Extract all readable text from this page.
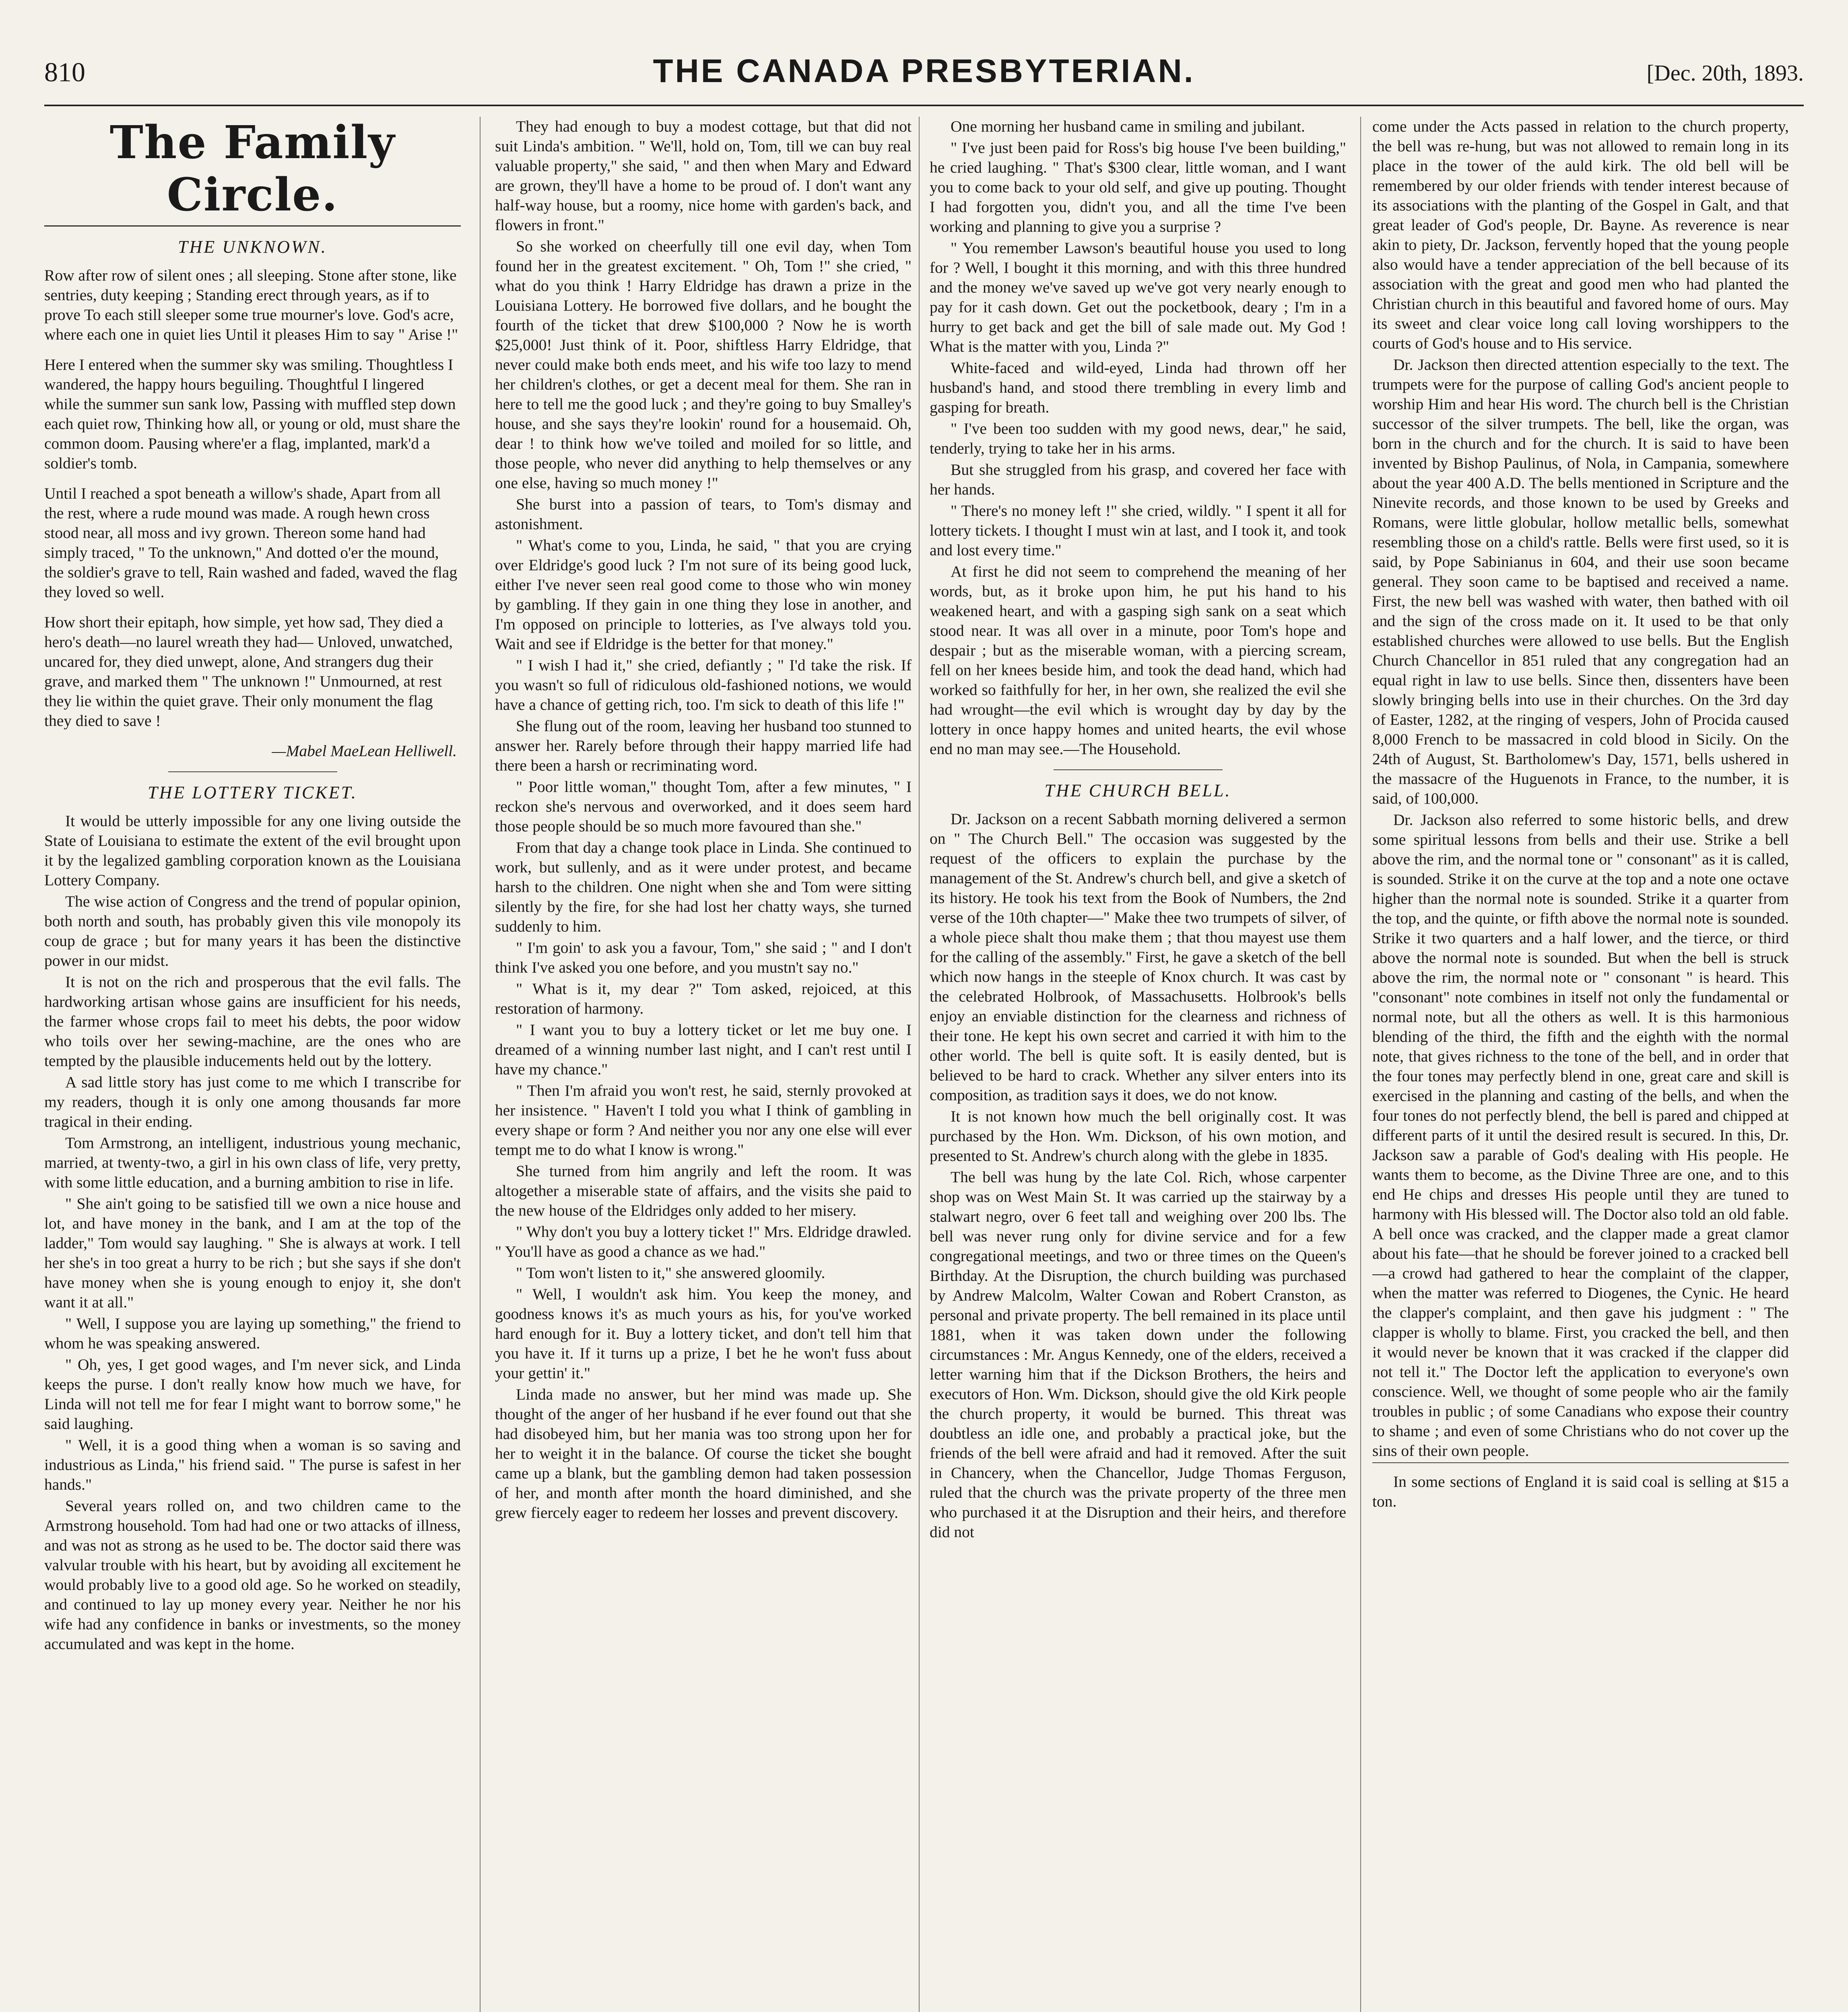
810	THE CANADA PRESBYTERIAN.	[Dec. 20th, 1893.
The Family Circle.
THE UNKNOWN.

Row after row of silent ones ; all sleeping. Stone after stone, like sentries, duty keeping ; Standing erect through years, as if to prove To each still sleeper some true mourner's love. God's acre, where each one in quiet lies Until it pleases Him to say " Arise !"

Here I entered when the summer sky was smiling. Thoughtless I wandered, the happy hours beguiling. Thoughtful I lingered while the summer sun sank low, Passing with muffled step down each quiet row, Thinking how all, or young or old, must share the common doom. Pausing where'er a flag, implanted, mark'd a soldier's tomb.

Until I reached a spot beneath a willow's shade, Apart from all the rest, where a rude mound was made. A rough hewn cross stood near, all moss and ivy grown. Thereon some hand had simply traced, " To the unknown," And dotted o'er the mound, the soldier's grave to tell, Rain washed and faded, waved the flag they loved so well.

How short their epitaph, how simple, yet how sad, They died a hero's death—no laurel wreath they had— Unloved, unwatched, uncared for, they died unwept, alone, And strangers dug their grave, and marked them " The unknown !" Unmourned, at rest they lie within the quiet grave. Their only monument the flag they died to save !

—Mabel MaeLean Helliwell.
THE LOTTERY TICKET.

It would be utterly impossible for any one living outside the State of Louisiana to estimate the extent of the evil brought upon it by the legalized gambling corporation known as the Louisiana Lottery Company.

The wise action of Congress and the trend of popular opinion, both north and south, has probably given this vile monopoly its coup de grace ; but for many years it has been the distinctive power in our midst.

It is not on the rich and prosperous that the evil falls. The hardworking artisan whose gains are insufficient for his needs, the farmer whose crops fail to meet his debts, the poor widow who toils over her sewing-machine, are the ones who are tempted by the plausible inducements held out by the lottery.

A sad little story has just come to me which I transcribe for my readers, though it is only one among thousands far more tragical in their ending.

Tom Armstrong, an intelligent, industrious young mechanic, married, at twenty-two, a girl in his own class of life, very pretty, with some little education, and a burning ambition to rise in life.

" She ain't going to be satisfied till we own a nice house and lot, and have money in the bank, and I am at the top of the ladder," Tom would say laughing. " She is always at work. I tell her she's in too great a hurry to be rich ; but she says if she don't have money when she is young enough to enjoy it, she don't want it at all."

" Well, I suppose you are laying up something," the friend to whom he was speaking answered.

" Oh, yes, I get good wages, and I'm never sick, and Linda keeps the purse. I don't really know how much we have, for Linda will not tell me for fear I might want to borrow some," he said laughing.

" Well, it is a good thing when a woman is so saving and industrious as Linda," his friend said. " The purse is safest in her hands."

Several years rolled on, and two children came to the Armstrong household. Tom had had one or two attacks of illness, and was not as strong as he used to be. The doctor said there was valvular trouble with his heart, but by avoiding all excitement he would probably live to a good old age. So he worked on steadily, and continued to lay up money every year. Neither he nor his wife had any confidence in banks or investments, so the money accumulated and was kept in the home.

They had enough to buy a modest cottage, but that did not suit Linda's ambition. " We'll, hold on, Tom, till we can buy real valuable property," she said, " and then when Mary and Edward are grown, they'll have a home to be proud of. I don't want any half-way house, but a roomy, nice home with garden's back, and flowers in front."

So she worked on cheerfully till one evil day, when Tom found her in the greatest excitement. " Oh, Tom !" she cried, " what do you think ! Harry Eldridge has drawn a prize in the Louisiana Lottery. He borrowed five dollars, and he bought the fourth of the ticket that drew $100,000 ? Now he is worth $25,000! Just think of it. Poor, shiftless Harry Eldridge, that never could make both ends meet, and his wife too lazy to mend her children's clothes, or get a decent meal for them. She ran in here to tell me the good luck ; and they're going to buy Smalley's house, and she says they're lookin' round for a housemaid. Oh, dear ! to think how we've toiled and moiled for so little, and those people, who never did anything to help themselves or any one else, having so much money !"

She burst into a passion of tears, to Tom's dismay and astonishment.

" What's come to you, Linda, he said, " that you are crying over Eldridge's good luck ? I'm not sure of its being good luck, either I've never seen real good come to those who win money by gambling. If they gain in one thing they lose in another, and I'm opposed on principle to lotteries, as I've always told you. Wait and see if Eldridge is the better for that money."

" I wish I had it," she cried, defiantly ; " I'd take the risk. If you wasn't so full of ridiculous old-fashioned notions, we would have a chance of getting rich, too. I'm sick to death of this life !"

She flung out of the room, leaving her husband too stunned to answer her. Rarely before through their happy married life had there been a harsh or recriminating word.

" Poor little woman," thought Tom, after a few minutes, " I reckon she's nervous and overworked, and it does seem hard those people should be so much more favoured than she."

From that day a change took place in Linda. She continued to work, but sullenly, and as it were under protest, and became harsh to the children. One night when she and Tom were sitting silently by the fire, for she had lost her chatty ways, she turned suddenly to him.

" I'm goin' to ask you a favour, Tom," she said ; " and I don't think I've asked you one before, and you mustn't say no."

" What is it, my dear ?" Tom asked, rejoiced, at this restoration of harmony.

" I want you to buy a lottery ticket or let me buy one. I dreamed of a winning number last night, and I can't rest until I have my chance."

" Then I'm afraid you won't rest, he said, sternly provoked at her insistence. " Haven't I told you what I think of gambling in every shape or form ? And neither you nor any one else will ever tempt me to do what I know is wrong."

She turned from him angrily and left the room. It was altogether a miserable state of affairs, and the visits she paid to the new house of the Eldridges only added to her misery.

" Why don't you buy a lottery ticket !" Mrs. Eldridge drawled. " You'll have as good a chance as we had."

" Tom won't listen to it," she answered gloomily.

" Well, I wouldn't ask him. You keep the money, and goodness knows it's as much yours as his, for you've worked hard enough for it. Buy a lottery ticket, and don't tell him that you have it. If it turns up a prize, I bet he he won't fuss about your gettin' it."

Linda made no answer, but her mind was made up. She thought of the anger of her husband if he ever found out that she had disobeyed him, but her mania was too strong upon her for her to weight it in the balance. Of course the ticket she bought came up a blank, but the gambling demon had taken possession of her, and month after month the hoard diminished, and she grew fiercely eager to redeem her losses and prevent discovery.

One morning her husband came in smiling and jubilant.

" I've just been paid for Ross's big house I've been building," he cried laughing. " That's $300 clear, little woman, and I want you to come back to your old self, and give up pouting. Thought I had forgotten you, didn't you, and all the time I've been working and planning to give you a surprise ?

" You remember Lawson's beautiful house you used to long for ? Well, I bought it this morning, and with this three hundred and the money we've saved up we've got very nearly enough to pay for it cash down. Get out the pocketbook, deary ; I'm in a hurry to get back and get the bill of sale made out. My God ! What is the matter with you, Linda ?"

White-faced and wild-eyed, Linda had thrown off her husband's hand, and stood there trembling in every limb and gasping for breath.

" I've been too sudden with my good news, dear," he said, tenderly, trying to take her in his arms.

But she struggled from his grasp, and covered her face with her hands.

" There's no money left !" she cried, wildly. " I spent it all for lottery tickets. I thought I must win at last, and I took it, and took and lost every time."

At first he did not seem to comprehend the meaning of her words, but, as it broke upon him, he put his hand to his weakened heart, and with a gasping sigh sank on a seat which stood near. It was all over in a minute, poor Tom's hope and despair ; but as the miserable woman, with a piercing scream, fell on her knees beside him, and took the dead hand, which had worked so faithfully for her, in her own, she realized the evil she had wrought—the evil which is wrought day by day by the lottery in once happy homes and united hearts, the evil whose end no man may see.—The Household.

THE CHURCH BELL.

Dr. Jackson on a recent Sabbath morning delivered a sermon on " The Church Bell." The occasion was suggested by the request of the officers to explain the purchase by the management of the St. Andrew's church bell, and give a sketch of its history. He took his text from the Book of Numbers, the 2nd verse of the 10th chapter—" Make thee two trumpets of silver, of a whole piece shalt thou make them ; that thou mayest use them for the calling of the assembly." First, he gave a sketch of the bell which now hangs in the steeple of Knox church. It was cast by the celebrated Holbrook, of Massachusetts. Holbrook's bells enjoy an enviable distinction for the clearness and richness of their tone. He kept his own secret and carried it with him to the other world. The bell is quite soft. It is easily dented, but is believed to be hard to crack. Whether any silver enters into its composition, as tradition says it does, we do not know.

It is not known how much the bell originally cost. It was purchased by the Hon. Wm. Dickson, of his own motion, and presented to St. Andrew's church along with the glebe in 1835.

The bell was hung by the late Col. Rich, whose carpenter shop was on West Main St. It was carried up the stairway by a stalwart negro, over 6 feet tall and weighing over 200 lbs. The bell was never rung only for divine service and for a few congregational meetings, and two or three times on the Queen's Birthday. At the Disruption, the church building was purchased by Andrew Malcolm, Walter Cowan and Robert Cranston, as personal and private property. The bell remained in its place until 1881, when it was taken down under the following circumstances : Mr. Angus Kennedy, one of the elders, received a letter warning him that if the Dickson Brothers, the heirs and executors of Hon. Wm. Dickson, should give the old Kirk people the church property, it would be burned. This threat was doubtless an idle one, and probably a practical joke, but the friends of the bell were afraid and had it removed. After the suit in Chancery, when the Chancellor, Judge Thomas Ferguson, ruled that the church was the private property of the three men who purchased it at the Disruption and their heirs, and therefore did not

come under the Acts passed in relation to the church property, the bell was re-hung, but was not allowed to remain long in its place in the tower of the auld kirk. The old bell will be remembered by our older friends with tender interest because of its associations with the planting of the Gospel in Galt, and that great leader of God's people, Dr. Bayne. As reverence is near akin to piety, Dr. Jackson, fervently hoped that the young people also would have a tender appreciation of the bell because of its association with the great and good men who had planted the Christian church in this beautiful and favored home of ours. May its sweet and clear voice long call loving worshippers to the courts of God's house and to His service.

Dr. Jackson then directed attention especially to the text. The trumpets were for the purpose of calling God's ancient people to worship Him and hear His word. The church bell is the Christian successor of the silver trumpets. The bell, like the organ, was born in the church and for the church. It is said to have been invented by Bishop Paulinus, of Nola, in Campania, somewhere about the year 400 A.D. The bells mentioned in Scripture and the Ninevite records, and those known to be used by Greeks and Romans, were little globular, hollow metallic bells, somewhat resembling those on a child's rattle. Bells were first used, so it is said, by Pope Sabinianus in 604, and their use soon became general. They soon came to be baptised and received a name. First, the new bell was washed with water, then bathed with oil and the sign of the cross made on it. It used to be that only established churches were allowed to use bells. But the English Church Chancellor in 851 ruled that any congregation had an equal right in law to use bells. Since then, dissenters have been slowly bringing bells into use in their churches. On the 3rd day of Easter, 1282, at the ringing of vespers, John of Procida caused 8,000 French to be massacred in cold blood in Sicily. On the 24th of August, St. Bartholomew's Day, 1571, bells ushered in the massacre of the Huguenots in France, to the number, it is said, of 100,000.

Dr. Jackson also referred to some historic bells, and drew some spiritual lessons from bells and their use. Strike a bell above the rim, and the normal tone or " consonant" as it is called, is sounded. Strike it on the curve at the top and a note one octave higher than the normal note is sounded. Strike it a quarter from the top, and the quinte, or fifth above the normal note is sounded. Strike it two quarters and a half lower, and the tierce, or third above the normal note is sounded. But when the bell is struck above the rim, the normal note or " consonant " is heard. This "consonant" note combines in itself not only the fundamental or normal note, but all the others as well. It is this harmonious blending of the third, the fifth and the eighth with the normal note, that gives richness to the tone of the bell, and in order that the four tones may perfectly blend in one, great care and skill is exercised in the planning and casting of the bells, and when the four tones do not perfectly blend, the bell is pared and chipped at different parts of it until the desired result is secured. In this, Dr. Jackson saw a parable of God's dealing with His people. He wants them to become, as the Divine Three are one, and to this end He chips and dresses His people until they are tuned to harmony with His blessed will. The Doctor also told an old fable. A bell once was cracked, and the clapper made a great clamor about his fate—that he should be forever joined to a cracked bell—a crowd had gathered to hear the complaint of the clapper, when the matter was referred to Diogenes, the Cynic. He heard the clapper's complaint, and then gave his judgment : " The clapper is wholly to blame. First, you cracked the bell, and then it would never be known that it was cracked if the clapper did not tell it." The Doctor left the application to everyone's own conscience. Well, we thought of some people who air the family troubles in public ; of some Canadians who expose their country to shame ; and even of some Christians who do not cover up the sins of their own people.

In some sections of England it is said coal is selling at $15 a ton.
